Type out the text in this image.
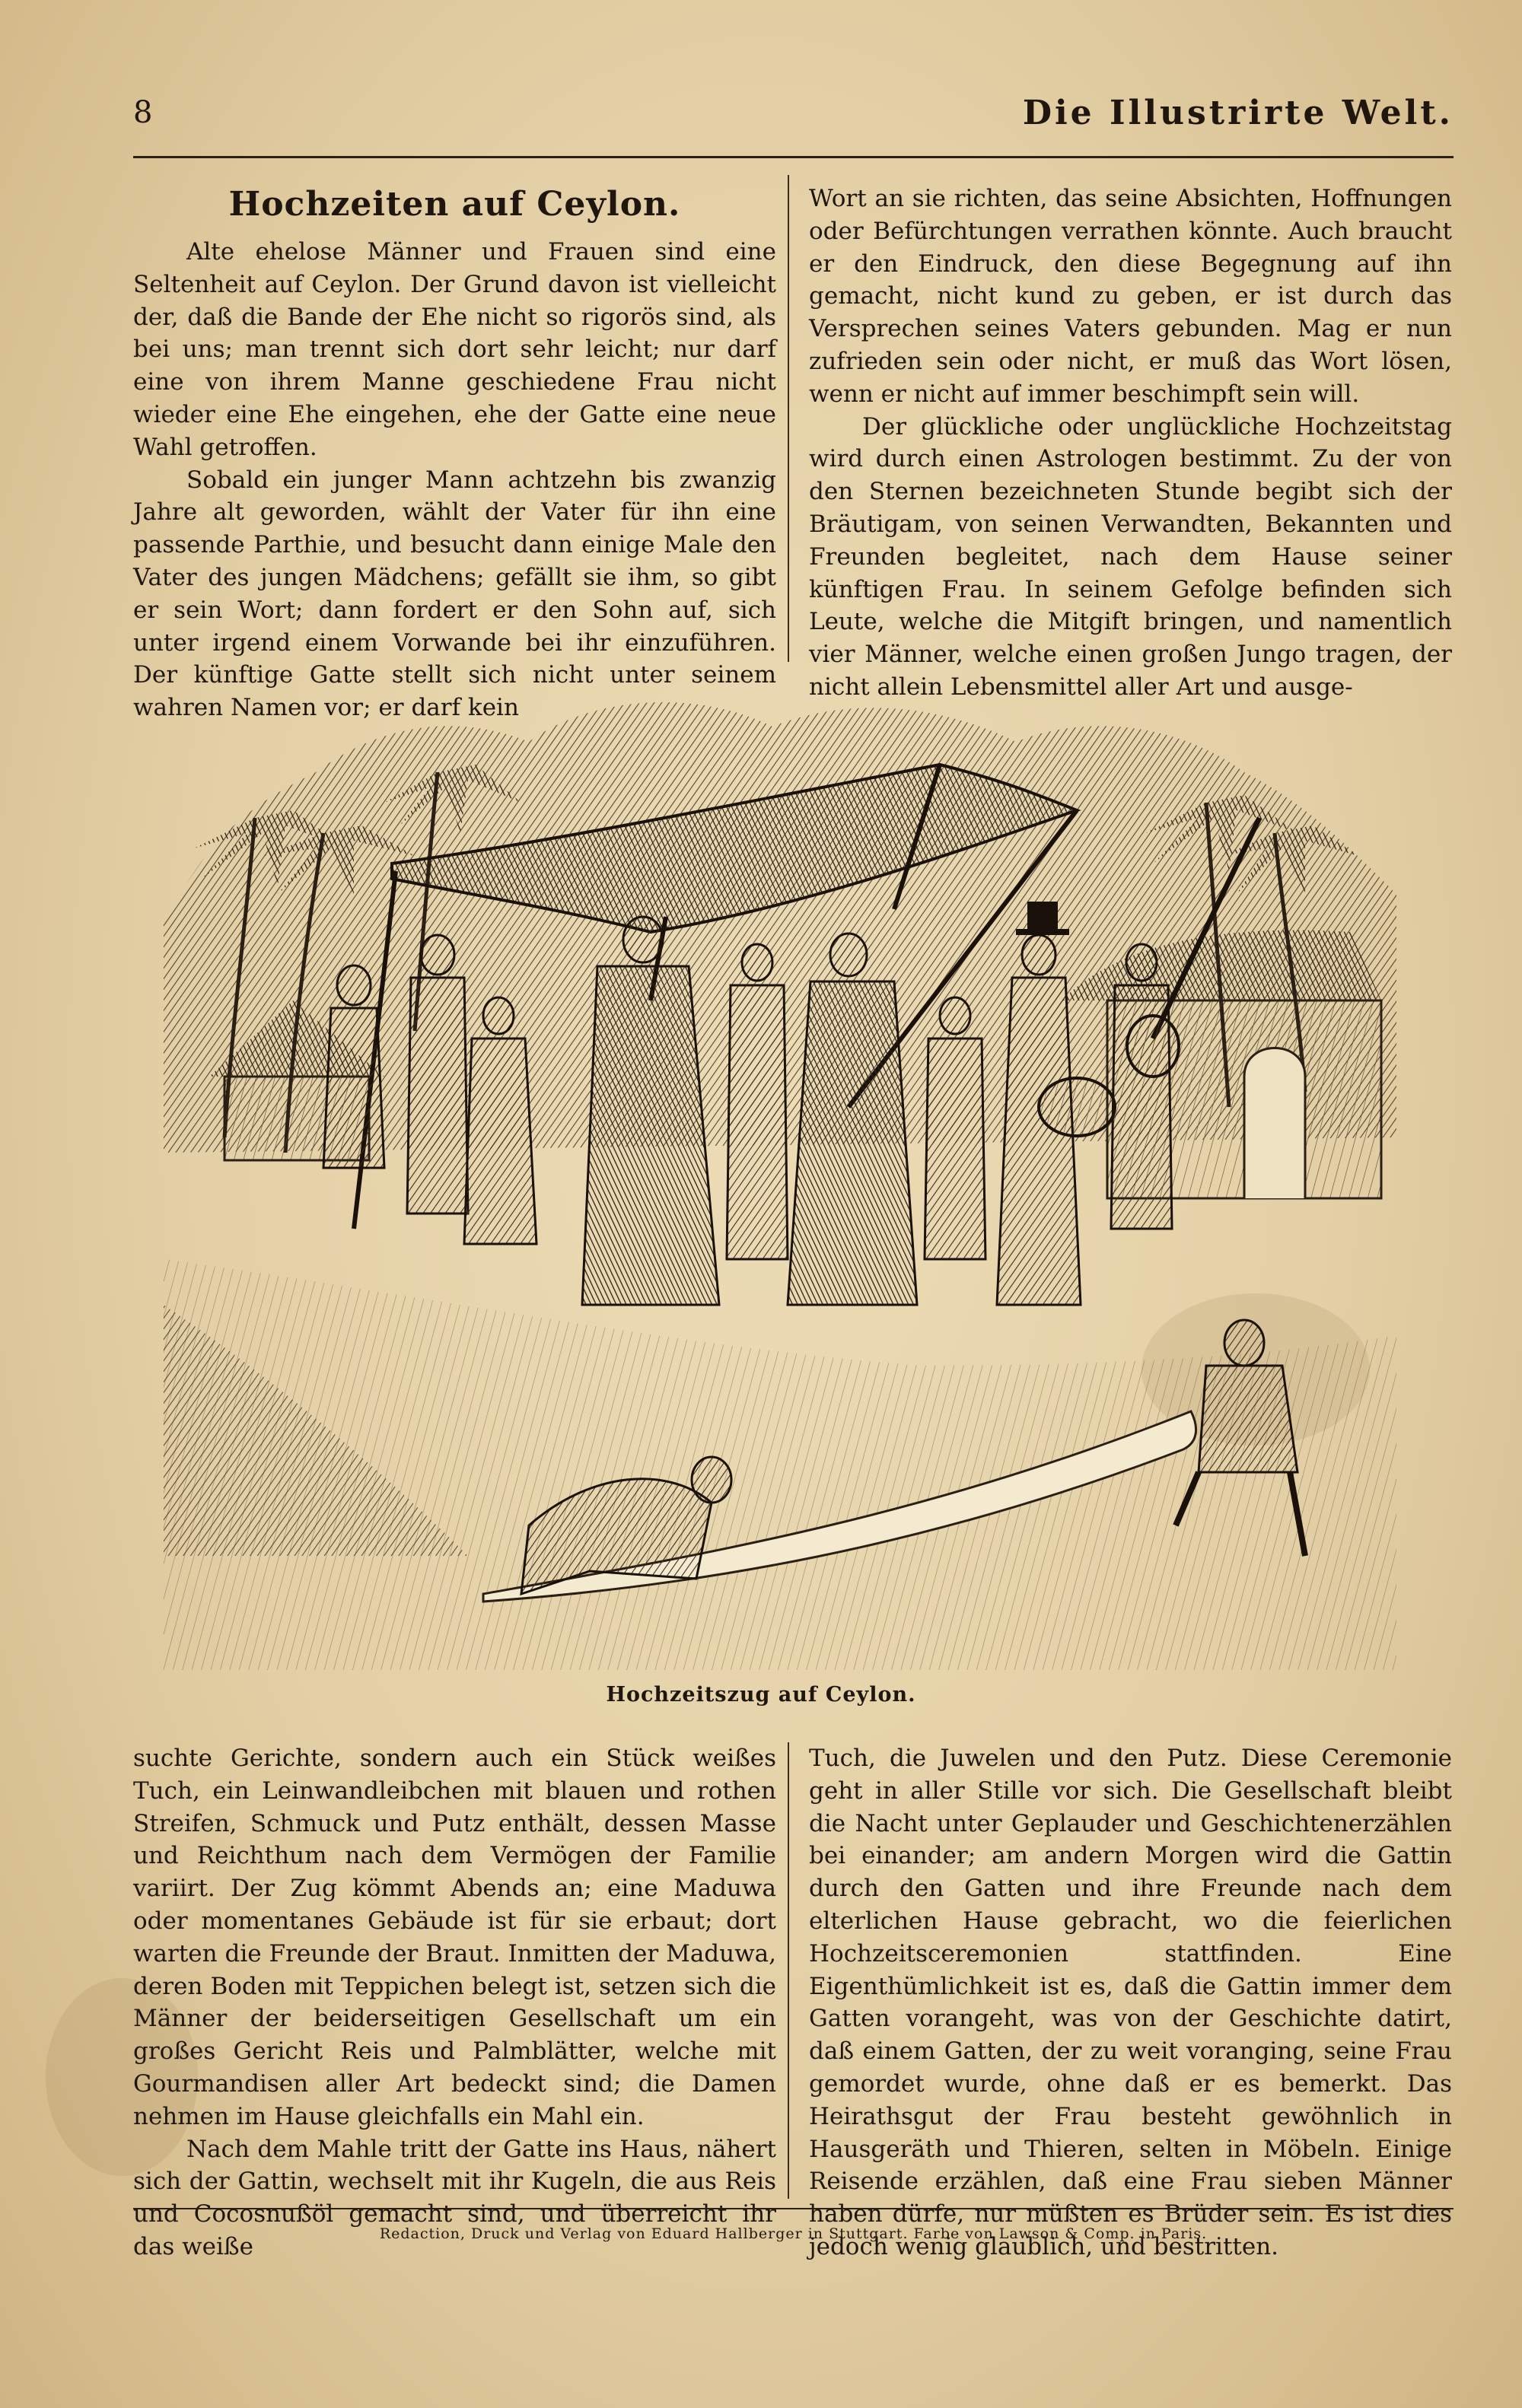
8	Die Illustrirte Welt.
Hochzeiten auf Ceylon.

Alte ehelose Männer und Frauen sind eine Seltenheit auf Ceylon. Der Grund davon ist vielleicht der, daß die Bande der Ehe nicht so rigorös sind, als bei uns; man trennt sich dort sehr leicht; nur darf eine von ihrem Manne geschiedene Frau nicht wieder eine Ehe eingehen, ehe der Gatte eine neue Wahl getroffen.

Sobald ein junger Mann achtzehn bis zwanzig Jahre alt geworden, wählt der Vater für ihn eine passende Parthie, und besucht dann einige Male den Vater des jungen Mädchens; gefällt sie ihm, so gibt er sein Wort; dann fordert er den Sohn auf, sich unter irgend einem Vorwande bei ihr einzuführen. Der künftige Gatte stellt sich nicht unter seinem wahren Namen vor; er darf kein

Wort an sie richten, das seine Absichten, Hoffnungen oder Befürchtungen verrathen könnte. Auch braucht er den Eindruck, den diese Begegnung auf ihn gemacht, nicht kund zu geben, er ist durch das Versprechen seines Vaters gebunden. Mag er nun zufrieden sein oder nicht, er muß das Wort lösen, wenn er nicht auf immer beschimpft sein will.

Der glückliche oder unglückliche Hochzeitstag wird durch einen Astrologen bestimmt. Zu der von den Sternen bezeichneten Stunde begibt sich der Bräutigam, von seinen Verwandten, Bekannten und Freunden begleitet, nach dem Hause seiner künftigen Frau. In seinem Gefolge befinden sich Leute, welche die Mitgift bringen, und namentlich vier Männer, welche einen großen Jungo tragen, der nicht allein Lebensmittel aller Art und ausge-

Hochzeitszug auf Ceylon.

suchte Gerichte, sondern auch ein Stück weißes Tuch, ein Leinwandleibchen mit blauen und rothen Streifen, Schmuck und Putz enthält, dessen Masse und Reichthum nach dem Vermögen der Familie variirt. Der Zug kömmt Abends an; eine Maduwa oder momentanes Gebäude ist für sie erbaut; dort warten die Freunde der Braut. Inmitten der Maduwa, deren Boden mit Teppichen belegt ist, setzen sich die Männer der beiderseitigen Gesellschaft um ein großes Gericht Reis und Palmblätter, welche mit Gourmandisen aller Art bedeckt sind; die Damen nehmen im Hause gleichfalls ein Mahl ein.

Nach dem Mahle tritt der Gatte ins Haus, nähert sich der Gattin, wechselt mit ihr Kugeln, die aus Reis und Cocosnußöl gemacht sind, und überreicht ihr das weiße

Tuch, die Juwelen und den Putz. Diese Ceremonie geht in aller Stille vor sich. Die Gesellschaft bleibt die Nacht unter Geplauder und Geschichtenerzählen bei einander; am andern Morgen wird die Gattin durch den Gatten und ihre Freunde nach dem elterlichen Hause gebracht, wo die feierlichen Hochzeitsceremonien stattfinden. Eine Eigenthümlichkeit ist es, daß die Gattin immer dem Gatten vorangeht, was von der Geschichte datirt, daß einem Gatten, der zu weit voranging, seine Frau gemordet wurde, ohne daß er es bemerkt. Das Heirathsgut der Frau besteht gewöhnlich in Hausgeräth und Thieren, selten in Möbeln. Einige Reisende erzählen, daß eine Frau sieben Männer haben dürfe, nur müßten es Brüder sein. Es ist dies jedoch wenig glaublich, und bestritten.

Redaction, Druck und Verlag von Eduard Hallberger in Stuttgart. Farbe von Lawson & Comp. in Paris.
